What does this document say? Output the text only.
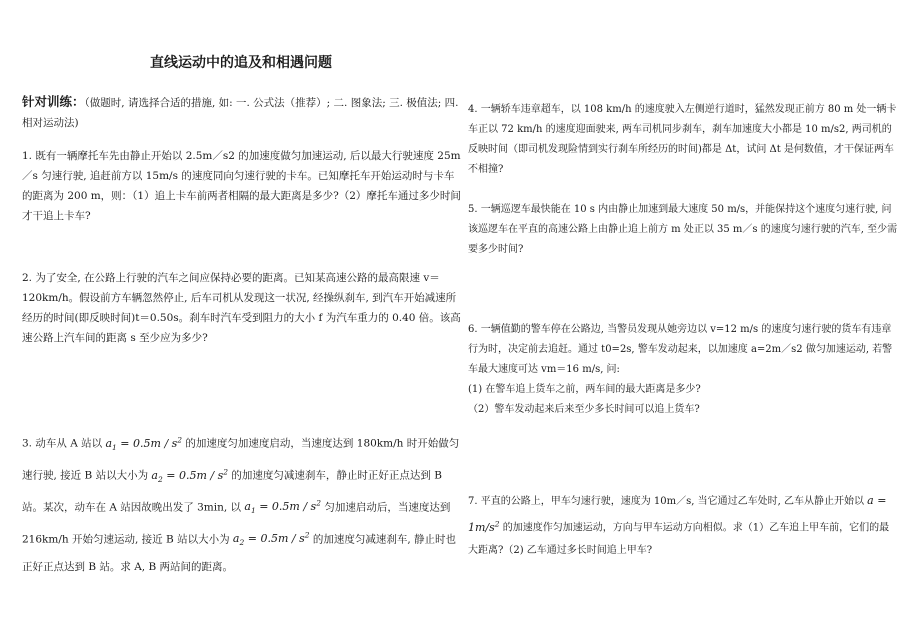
直线运动中的追及和相遇问题
针对训练：（做题时, 请选择合适的措施, 如: 一. 公式法（推荐）; 二. 图象法; 三. 极值法; 四. 相对运动法)
1. 既有一辆摩托车先由静止开始以 2.5m／s2 的加速度做匀加速运动, 后以最大行驶速度 25m／s 匀速行驶, 追赶前方以 15m/s 的速度同向匀速行驶的卡车。已知摩托车开始运动时与卡车的距离为 200 m，则：（1）追上卡车前两者相隔的最大距离是多少?（2）摩托车通过多少时间才干追上卡车?
2. 为了安全, 在公路上行驶的汽车之间应保持必要的距离。已知某高速公路的最高限速 v＝120km/h。假设前方车辆忽然停止, 后车司机从发现这一状况, 经操纵刹车, 到汽车开始减速所经历的时间(即反映时间)t＝0.50s。刹车时汽车受到阻力的大小 f 为汽车重力的 0.40 倍。该高速公路上汽车间的距离 s 至少应为多少?
3. 动车从 A 站以 $a_1 = 0.5m / s^2$ 的加速度匀加速度启动，当速度达到 180km/h 时开始做匀速行驶, 接近 B 站以大小为 $a_2 = 0.5m / s^2$ 的加速度匀减速刹车，静止时正好正点达到 B 站。某次，动车在 A 站因故晚出发了 3min, 以 $a_1 = 0.5m / s^2$ 匀加速启动后，当速度达到 216km/h 开始匀速运动, 接近 B 站以大小为 $a_2 = 0.5m / s^2$ 的加速度匀减速刹车, 静止时也正好正点达到 B 站。求 A, B 两站间的距离。
4. 一辆轿车违章超车，以 108 km/h 的速度驶入左侧逆行道时，猛然发现正前方 80 m 处一辆卡车正以 72 km/h 的速度迎面驶来, 两车司机同步刹车，刹车加速度大小都是 10 m/s2, 两司机的反映时间（即司机发现险情到实行刹车所经历的时间)都是 Δt，试问 Δt 是何数值，才干保证两车不相撞?
5. 一辆巡逻车最快能在 10 s 内由静止加速到最大速度 50 m/s，并能保持这个速度匀速行驶, 问该巡逻车在平直的高速公路上由静止追上前方 m 处正以 35 m／s 的速度匀速行驶的汽车, 至少需要多少时间?
6. 一辆值勤的警车停在公路边, 当警员发现从她旁边以 v=12 m/s 的速度匀速行驶的货车有违章行为时，决定前去追赶。通过 t0=2s, 警车发动起来，以加速度 a=2m／s2 做匀加速运动, 若警车最大速度可达 vm＝16 m/s, 问:
(1) 在警车追上货车之前，两车间的最大距离是多少?
（2）警车发动起来后来至少多长时间可以追上货车?
7. 平直的公路上，甲车匀速行驶，速度为 10m／s, 当它通过乙车处时, 乙车从静止开始以 $a = 1m/s^2$ 的加速度作匀加速运动，方向与甲车运动方向相似。求（1）乙车追上甲车前，它们的最大距离?（2) 乙车通过多长时间追上甲车?
